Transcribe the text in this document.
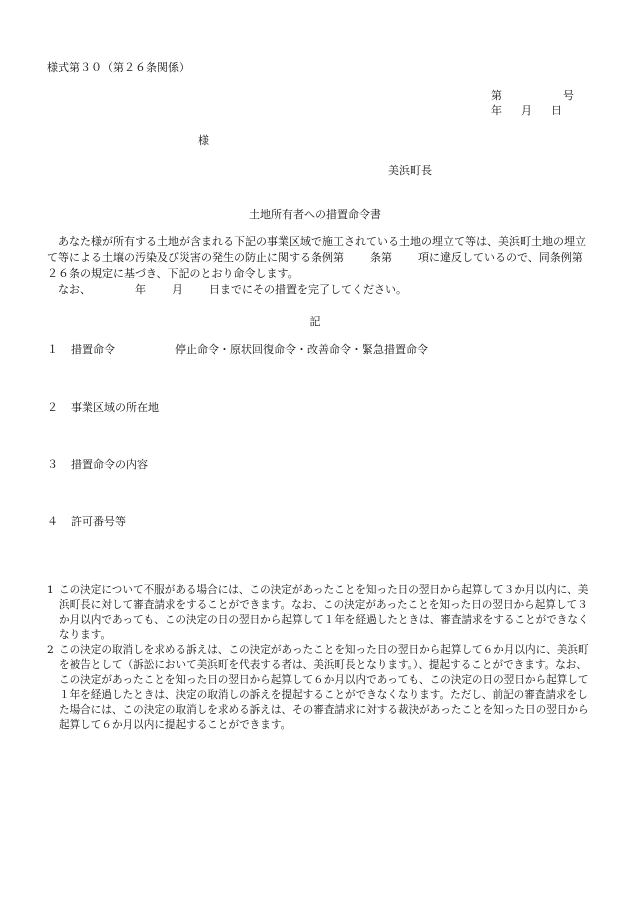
様式第３０（第２６条関係）
第	号
年 月 日
様
美浜町長
土地所有者への措置命令書

あなた様が所有する土地が含まれる下記の事業区域で施工されている土地の埋立て等は、美浜町土地の埋立て等による土壌の汚染及び災害の発生の防止に関する条例第 条第 項に違反しているので、同条例第２６条の規定に基づき、下記のとおり命令します。

なお、	年 月 日までにその措置を完了してください。

記
１ 措置命令	停止命令・原状回復命令・改善命令・緊急措置命令
２ 事業区域の所在地
３ 措置命令の内容
４ 許可番号等
1 この決定について不服がある場合には、この決定があったことを知った日の翌日から起算して３か月以内に、美浜町長に対して審査請求をすることができます。なお、この決定があったことを知った日の翌日から起算して３か月以内であっても、この決定の日の翌日から起算して１年を経過したときは、審査請求をすることができなくなります。
2 この決定の取消しを求める訴えは、この決定があったことを知った日の翌日から起算して６か月以内に、美浜町を被告として（訴訟において美浜町を代表する者は、美浜町長となります。）、提起することができます。なお、この決定があったことを知った日の翌日から起算して６か月以内であっても、この決定の日の翌日から起算して１年を経過したときは、決定の取消しの訴えを提起することができなくなります。ただし、前記の審査請求をした場合には、この決定の取消しを求める訴えは、その審査請求に対する裁決があったことを知った日の翌日から起算して６か月以内に提起することができます。
